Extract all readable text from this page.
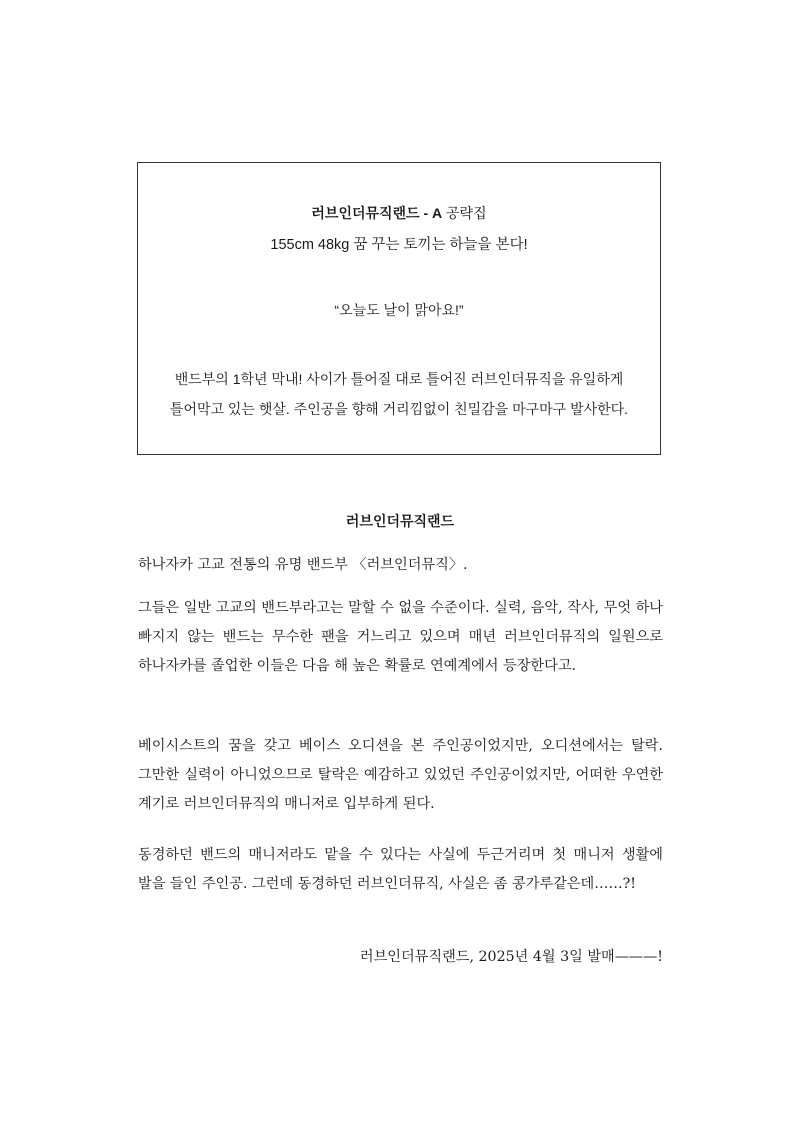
러브인더뮤직랜드 - A 공략집
155cm 48kg 꿈 꾸는 토끼는 하늘을 본다!
“오늘도 날이 맑아요!”
밴드부의 1학년 막내! 사이가 틀어질 대로 틀어진 러브인더뮤직을 유일하게
틀어막고 있는 햇살. 주인공을 향해 거리낌없이 친밀감을 마구마구 발사한다.
러브인더뮤직랜드

하나자카 고교 전통의 유명 밴드부 〈러브인더뮤직〉.

그들은 일반 고교의 밴드부라고는 말할 수 없을 수준이다. 실력, 음악, 작사, 무엇 하나 빠지지 않는 밴드는 무수한 팬을 거느리고 있으며 매년 러브인더뮤직의 일원으로 하나자카를 졸업한 이들은 다음 해 높은 확률로 연예계에서 등장한다고.

베이시스트의 꿈을 갖고 베이스 오디션을 본 주인공이었지만, 오디션에서는 탈락. 그만한 실력이 아니었으므로 탈락은 예감하고 있었던 주인공이었지만, 어떠한 우연한 계기로 러브인더뮤직의 매니저로 입부하게 된다.

동경하던 밴드의 매니저라도 맡을 수 있다는 사실에 두근거리며 첫 매니저 생활에 발을 들인 주인공. 그런데 동경하던 러브인더뮤직, 사실은 좀 콩가루같은데……?!

러브인더뮤직랜드, 2025년 4월 3일 발매———!
